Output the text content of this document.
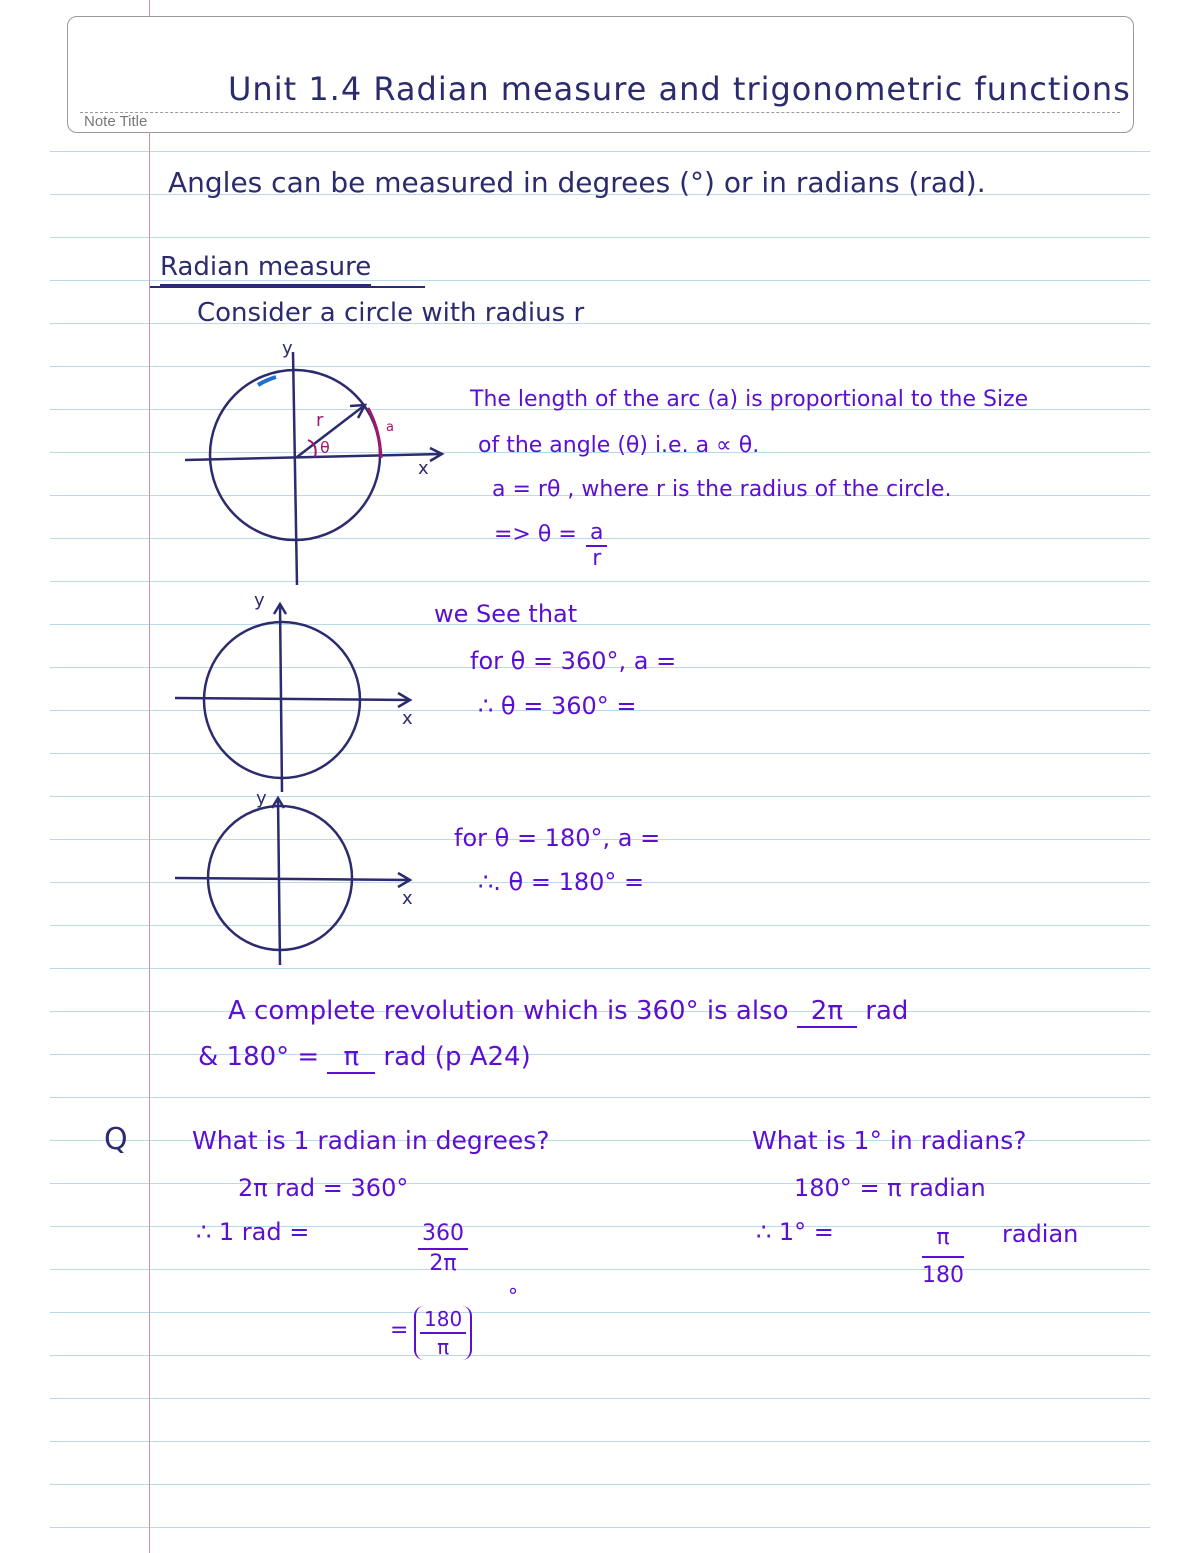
Note Title
Unit 1.4 Radian measure and trigonometric functions
Angles can be measured in degrees (°) or in radians (rad).
Radian measure
Consider a circle with radius r
y
x
r
θ
a
The length of the arc (a) is proportional to the Size
of the angle (θ) i.e. a ∝ θ.
a = rθ , where r is the radius of the circle.
=> $\theta = \frac{a}{r}$
y
x
we See that
for θ = 360°, a =
∴ θ = 360° =
y
x
for θ = 180°, a =
∴. θ = 180° =
A complete revolution which is 360° is also 2π rad
& 180° = π rad (p A24)
Q	What is 1 radian in degrees?
2π rad = 360°
∴ 1 rad =	$\frac{360}{2\pi}$
= $\frac{180}{\pi}$
°
What is 1° in radians?
180° = π radian
∴ 1° =	$\frac{\pi}{180}$ radian
